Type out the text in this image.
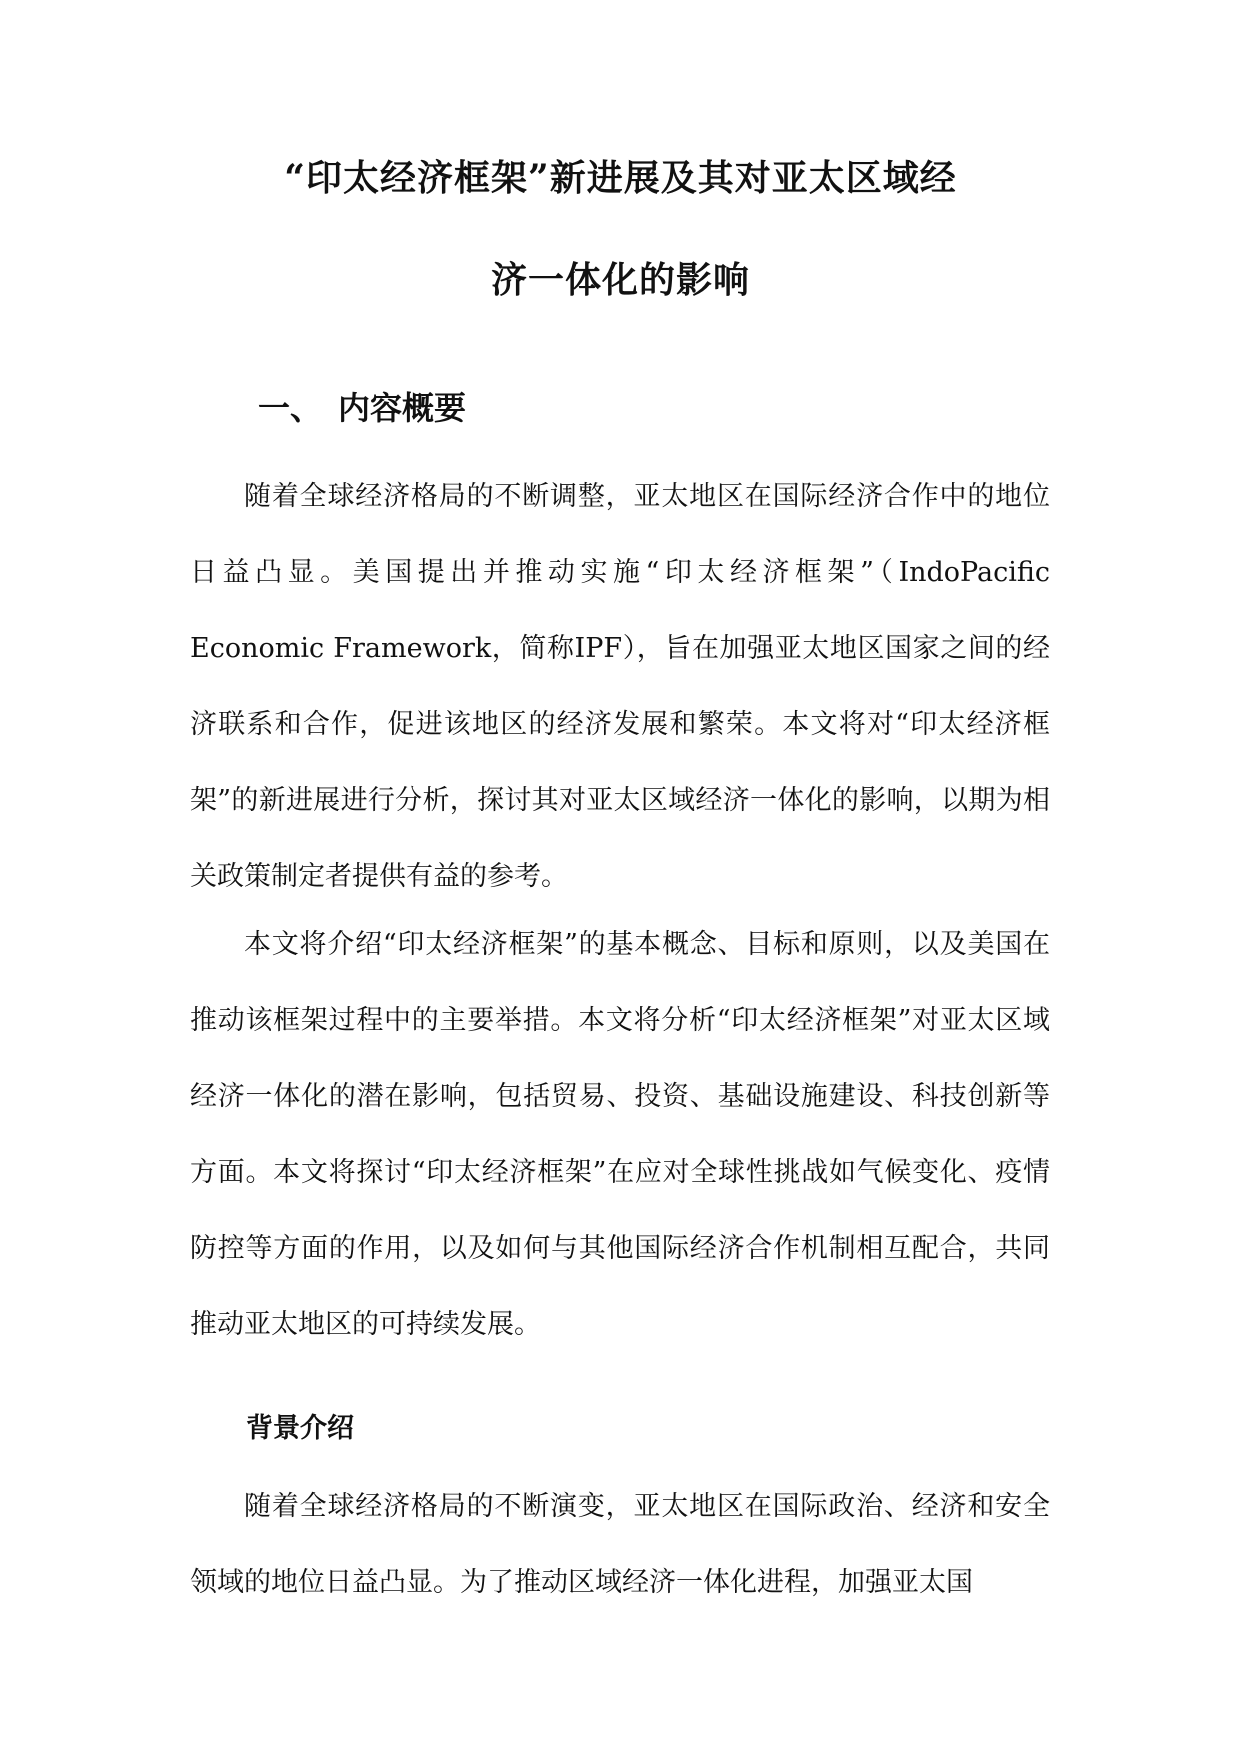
“印太经济框架”新进展及其对亚太区域经
济一体化的影响
一、 内容概要

随着全球经济格局的不断调整，亚太地区在国际经济合作中的地位日益凸显。美国提出并推动实施“印太经济框架”（IndoPacific Economic Framework，简称IPF），旨在加强亚太地区国家之间的经济联系和合作，促进该地区的经济发展和繁荣。本文将对“印太经济框架”的新进展进行分析，探讨其对亚太区域经济一体化的影响，以期为相关政策制定者提供有益的参考。

本文将介绍“印太经济框架”的基本概念、目标和原则，以及美国在推动该框架过程中的主要举措。本文将分析“印太经济框架”对亚太区域经济一体化的潜在影响，包括贸易、投资、基础设施建设、科技创新等方面。本文将探讨“印太经济框架”在应对全球性挑战如气候变化、疫情防控等方面的作用，以及如何与其他国际经济合作机制相互配合，共同推动亚太地区的可持续发展。

背景介绍

随着全球经济格局的不断演变，亚太地区在国际政治、经济和安全领域的地位日益凸显。为了推动区域经济一体化进程，加强亚太国
